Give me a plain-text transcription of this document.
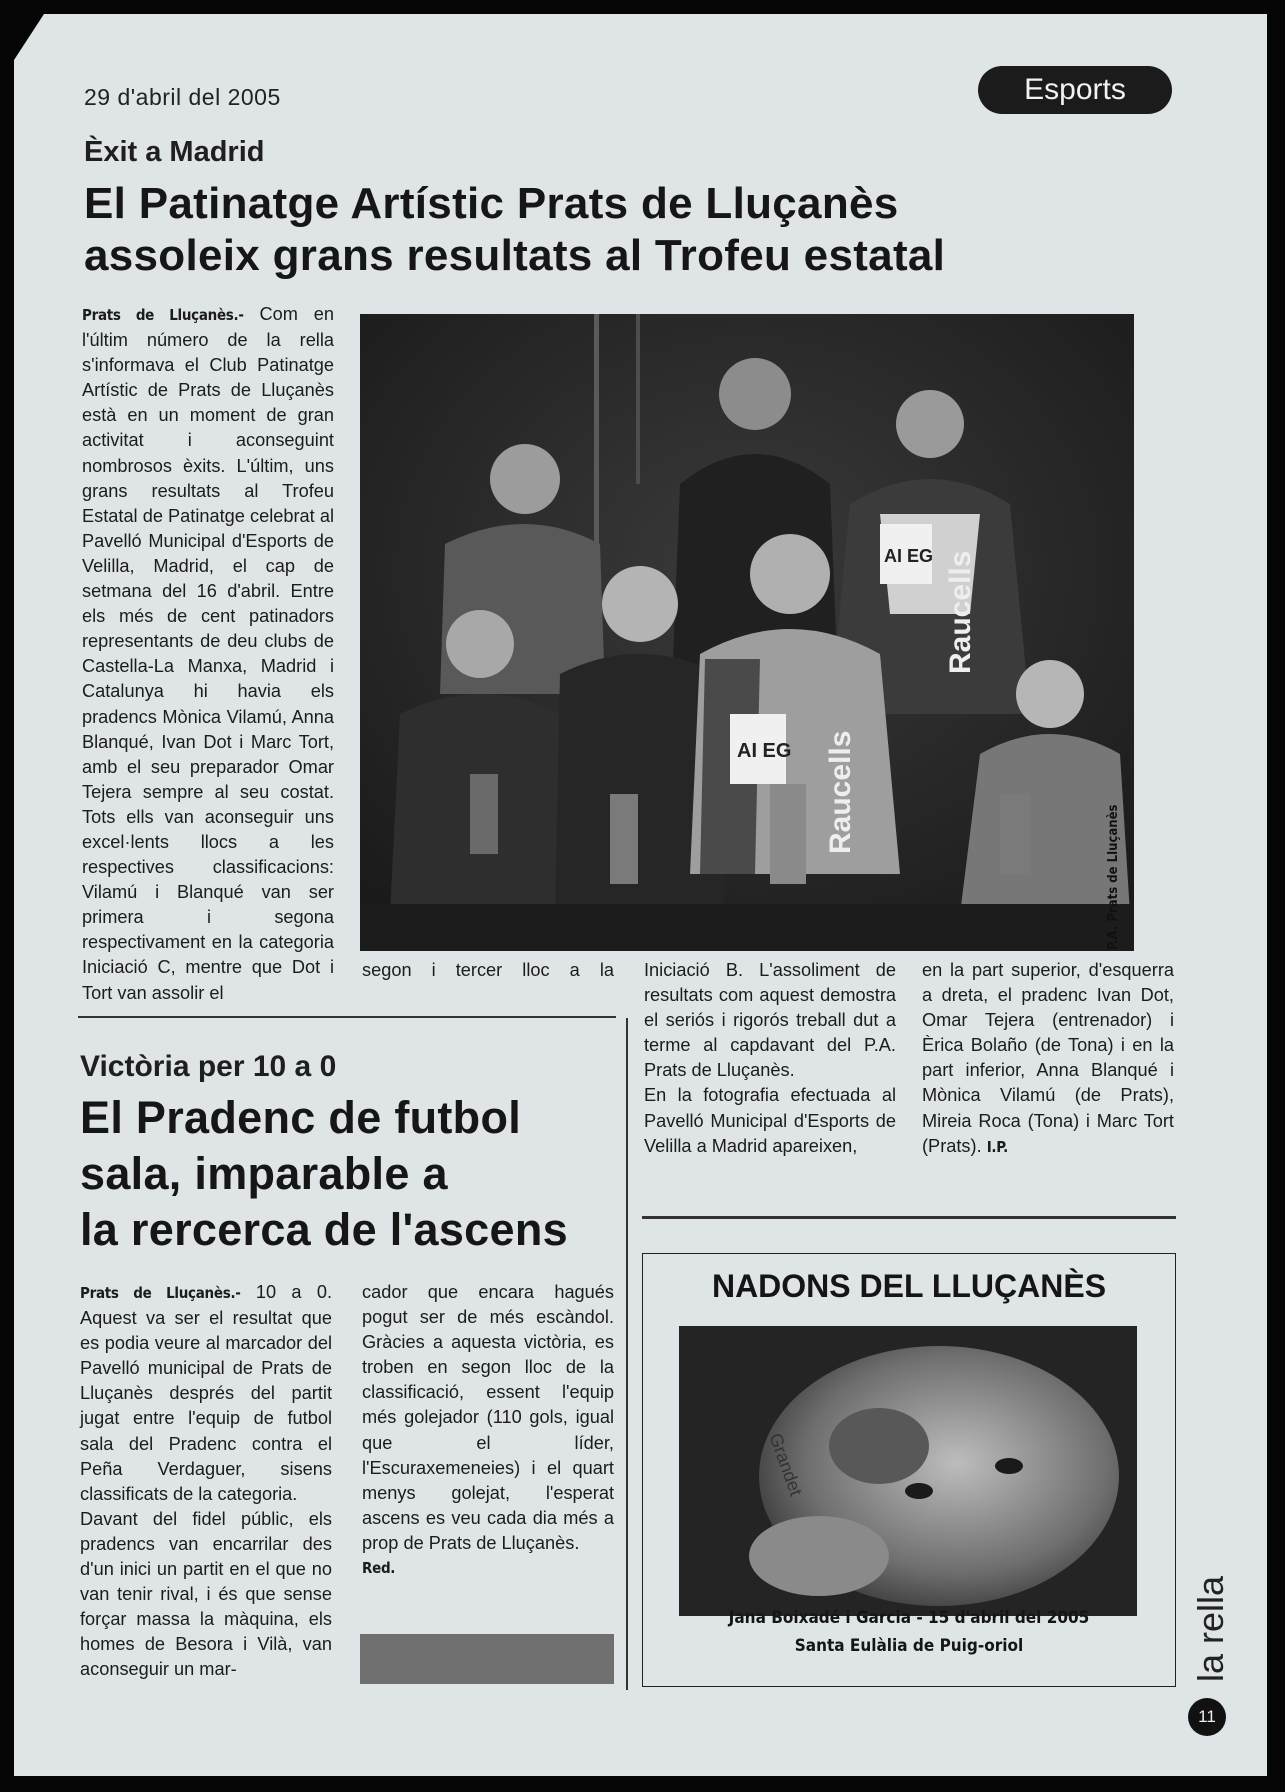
29 d'abril del 2005	Esports
Èxit a Madrid
El Patinatge Artístic Prats de Lluçanès
assoleix grans resultats al Trofeu estatal
Prats de Lluçanès.- Com en l'últim número de la rella s'informava el Club Patinatge Artístic de Prats de Lluçanès està en un moment de gran activitat i aconseguint nombrosos èxits. L'últim, uns grans resultats al Trofeu Estatal de Patinatge celebrat al Pavelló Municipal d'Esports de Velilla, Madrid, el cap de setmana del 16 d'abril. Entre els més de cent patinadors representants de deu clubs de Castella-La Manxa, Madrid i Catalunya hi havia els pradencs Mònica Vilamú, Anna Blanqué, Ivan Dot i Marc Tort, amb el seu preparador Omar Tejera sempre al seu costat. Tots ells van aconseguir uns excel·lents llocs a les respectives classificacions: Vilamú i Blanqué van ser primera i segona respectivament en la categoria Iniciació C, mentre que Dot i Tort van assolir el
AI EG
AI EG Raucells
Raucells
P.A. Prats de Lluçanès
segon i tercer lloc a la Iniciació B. L'assoliment de resultats com aquest demostra el seriós i rigorós treball dut a terme al capdavant del P.A. Prats de Lluçanès.
En la fotografia efectuada al Pavelló Municipal d'Esports de Velilla a Madrid apareixen,
en la part superior, d'esquerra a dreta, el pradenc Ivan Dot, Omar Tejera (entrenador) i Èrica Bolaño (de Tona) i en la part inferior, Anna Blanqué i Mònica Vilamú (de Prats), Mireia Roca (Tona) i Marc Tort (Prats). I.P.
Victòria per 10 a 0
El Pradenc de futbol
sala, imparable a
la rercerca de l'ascens
Prats de Lluçanès.- 10 a 0. Aquest va ser el resultat que es podia veure al marcador del Pavelló municipal de Prats de Lluçanès després del partit jugat entre l'equip de futbol sala del Pradenc contra el Peña Verdaguer, sisens classificats de la categoria.
Davant del fidel públic, els pradencs van encarrilar des d'un inici un partit en el que no van tenir rival, i és que sense forçar massa la màquina, els homes de Besora i Vilà, van aconseguir un mar-
cador que encara hagués pogut ser de més escàndol. Gràcies a aquesta victòria, es troben en segon lloc de la classificació, essent l'equip més golejador (110 gols, igual que el líder, l'Escuraxemeneies) i el quart menys golejat, l'esperat ascens es veu cada dia més a prop de Prats de Lluçanès.
Red.
NADONS DEL LLUÇANÈS
Grandet
Jana Boixadé i Garcia - 15 d'abril del 2005
Santa Eulàlia de Puig-oriol	la rella
11
